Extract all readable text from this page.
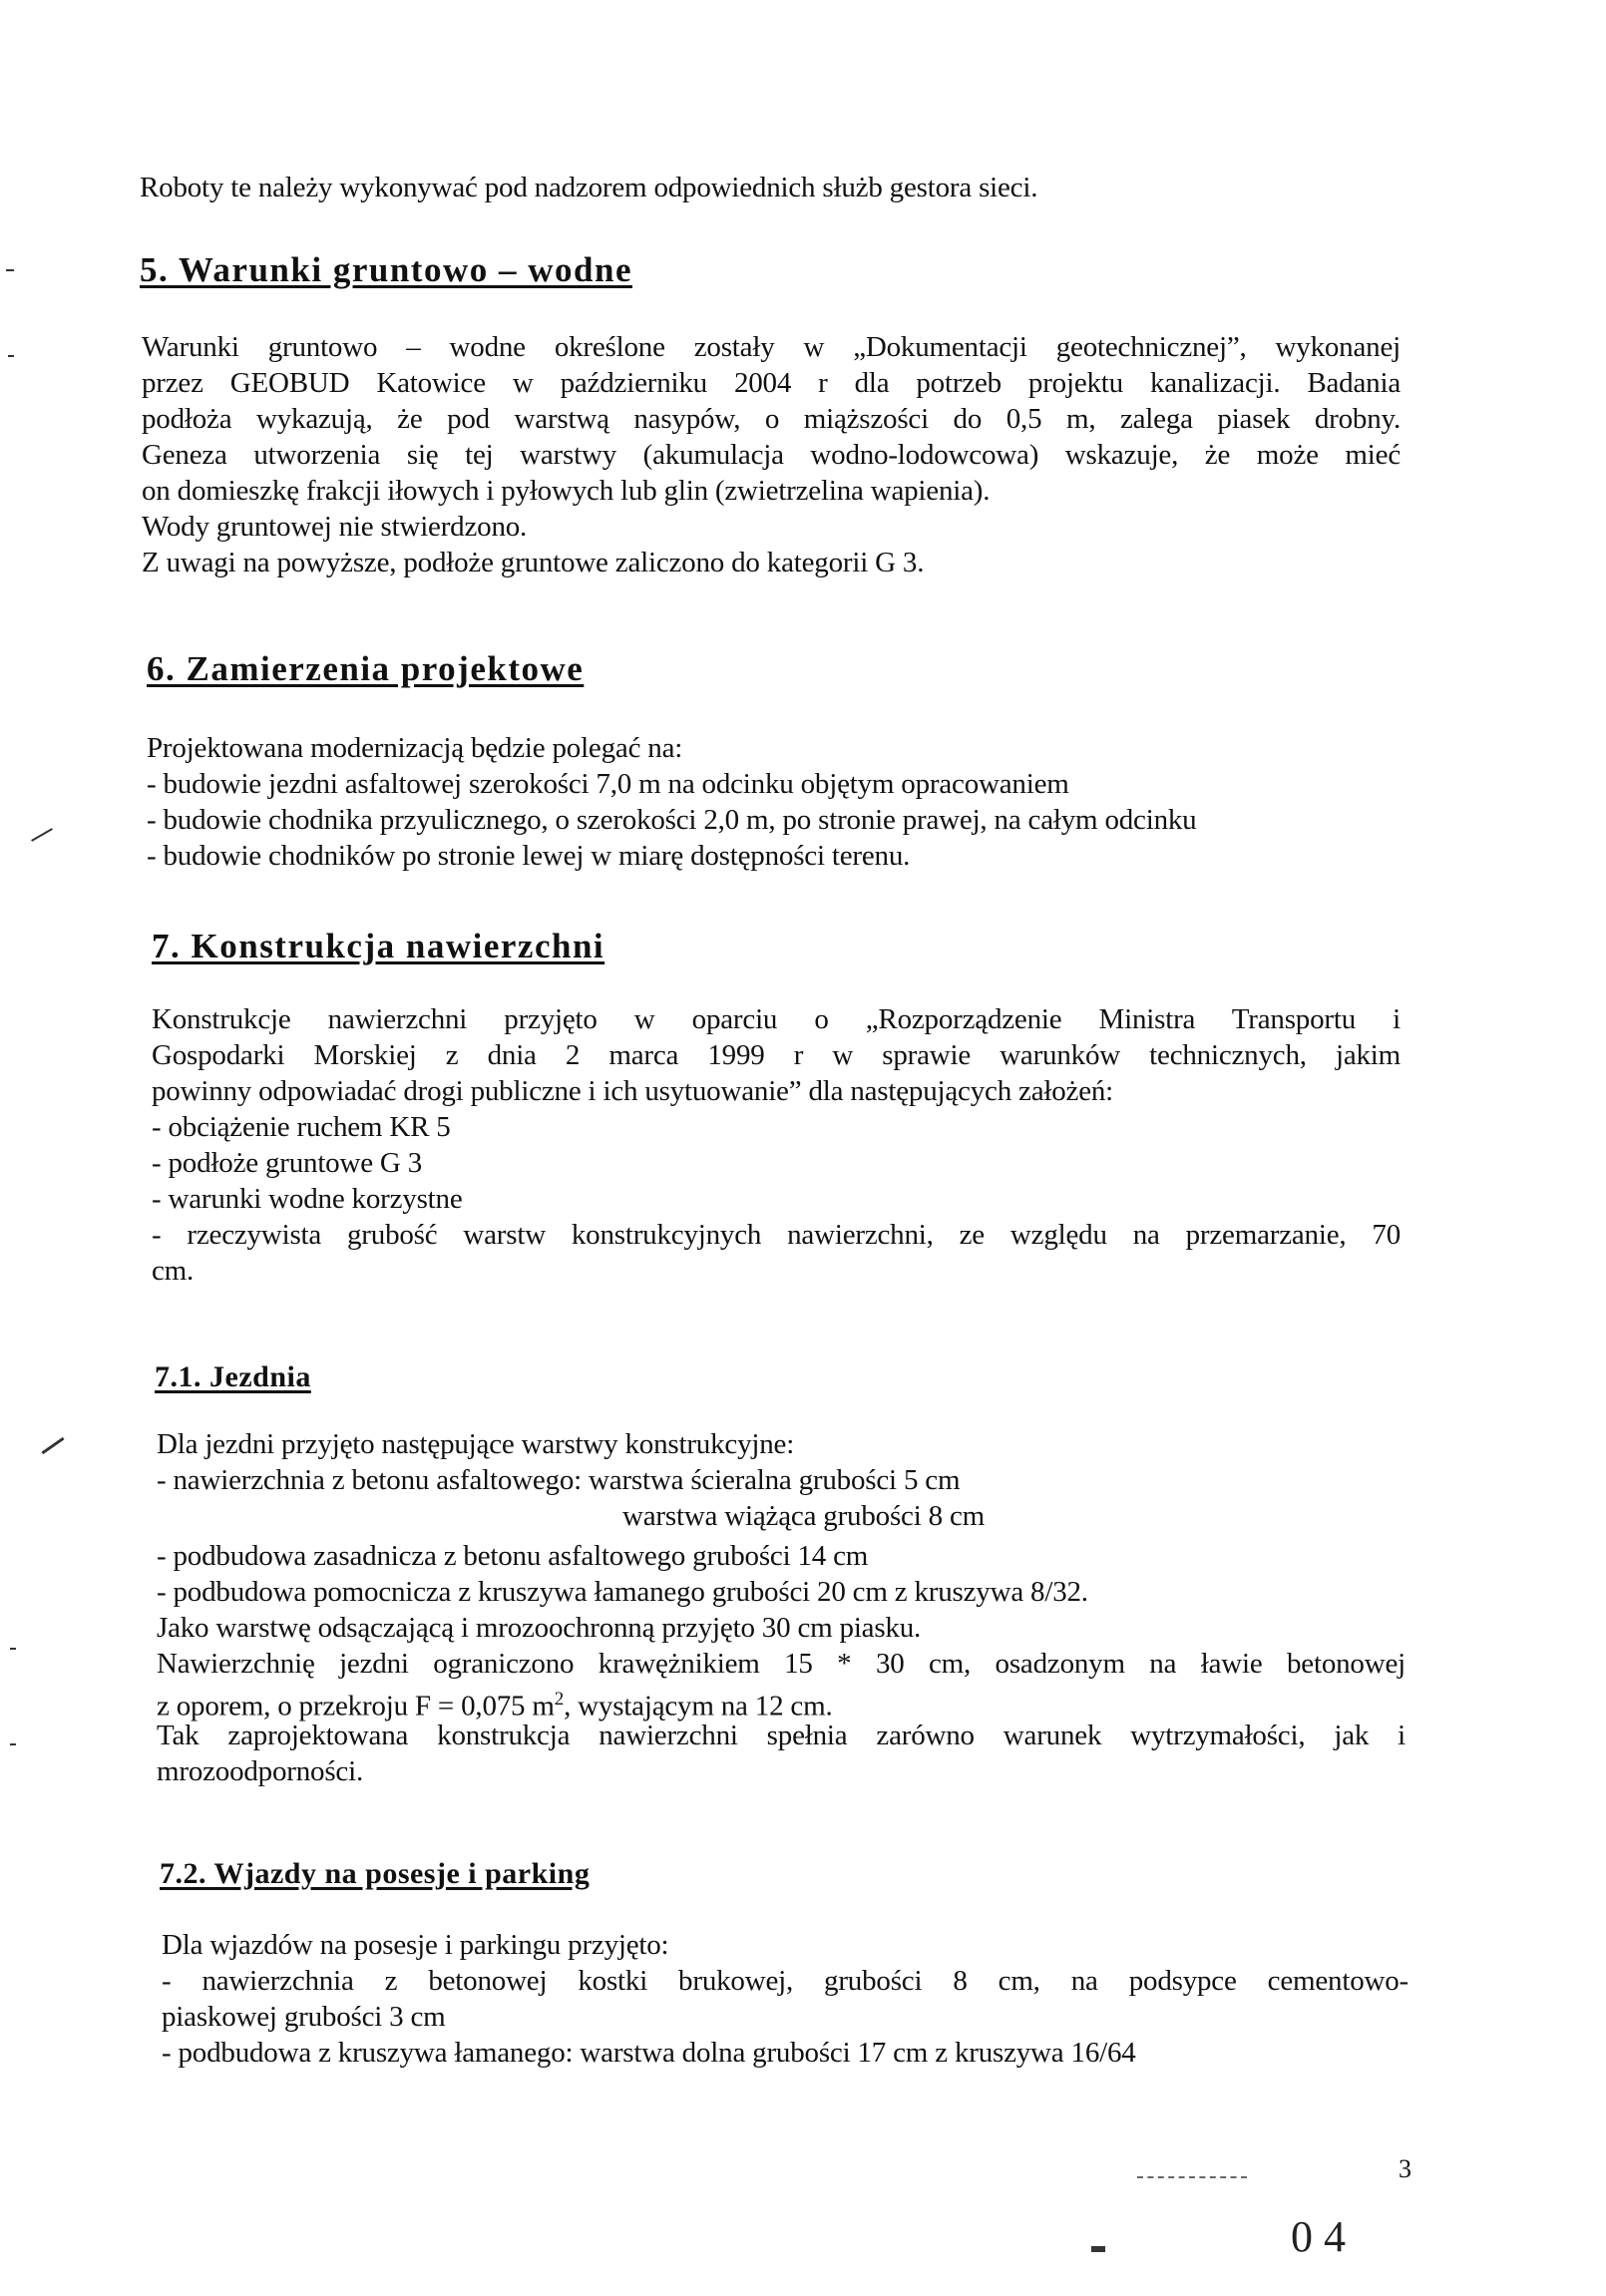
Roboty te należy wykonywać pod nadzorem odpowiednich służb gestora sieci.
5. Warunki gruntowo – wodne
Warunki gruntowo – wodne określone zostały w „Dokumentacji geotechnicznej”, wykonanej
przez GEOBUD Katowice w październiku 2004 r dla potrzeb projektu kanalizacji. Badania
podłoża wykazują, że pod warstwą nasypów, o miąższości do 0,5 m, zalega piasek drobny.
Geneza utworzenia się tej warstwy (akumulacja wodno-lodowcowa) wskazuje, że może mieć
on domieszkę frakcji iłowych i pyłowych lub glin (zwietrzelina wapienia).
Wody gruntowej nie stwierdzono.
Z uwagi na powyższe, podłoże gruntowe zaliczono do kategorii G 3.
6. Zamierzenia projektowe
Projektowana modernizacją będzie polegać na:
- budowie jezdni asfaltowej szerokości 7,0 m na odcinku objętym opracowaniem
- budowie chodnika przyulicznego, o szerokości 2,0 m, po stronie prawej, na całym odcinku
- budowie chodników po stronie lewej w miarę dostępności terenu.
7. Konstrukcja nawierzchni
Konstrukcje nawierzchni przyjęto w oparciu o „Rozporządzenie Ministra Transportu i
Gospodarki Morskiej z dnia 2 marca 1999 r w sprawie warunków technicznych, jakim
powinny odpowiadać drogi publiczne i ich usytuowanie” dla następujących założeń:
- obciążenie ruchem KR 5
- podłoże gruntowe G 3
- warunki wodne korzystne
- rzeczywista grubość warstw konstrukcyjnych nawierzchni, ze względu na przemarzanie, 70
cm.
7.1. Jezdnia
Dla jezdni przyjęto następujące warstwy konstrukcyjne:
- nawierzchnia z betonu asfaltowego: warstwa ścieralna grubości 5 cm
warstwa wiążąca grubości 8 cm
- podbudowa zasadnicza z betonu asfaltowego grubości 14 cm
- podbudowa pomocnicza z kruszywa łamanego grubości 20 cm z kruszywa 8/32.
Jako warstwę odsączającą i mrozoochronną przyjęto 30 cm piasku.
Nawierzchnię jezdni ograniczono krawężnikiem 15 * 30 cm, osadzonym na ławie betonowej
z oporem, o przekroju F = 0,075 $m^2$, wystającym na 12 cm.
Tak zaprojektowana konstrukcja nawierzchni spełnia zarówno warunek wytrzymałości, jak i
mrozoodporności.
7.2. Wjazdy na posesje i parking
Dla wjazdów na posesje i parkingu przyjęto:
- nawierzchnia z betonowej kostki brukowej, grubości 8 cm, na podsypce cementowo-
piaskowej grubości 3 cm
- podbudowa z kruszywa łamanego: warstwa dolna grubości 17 cm z kruszywa 16/64
3
0 4
